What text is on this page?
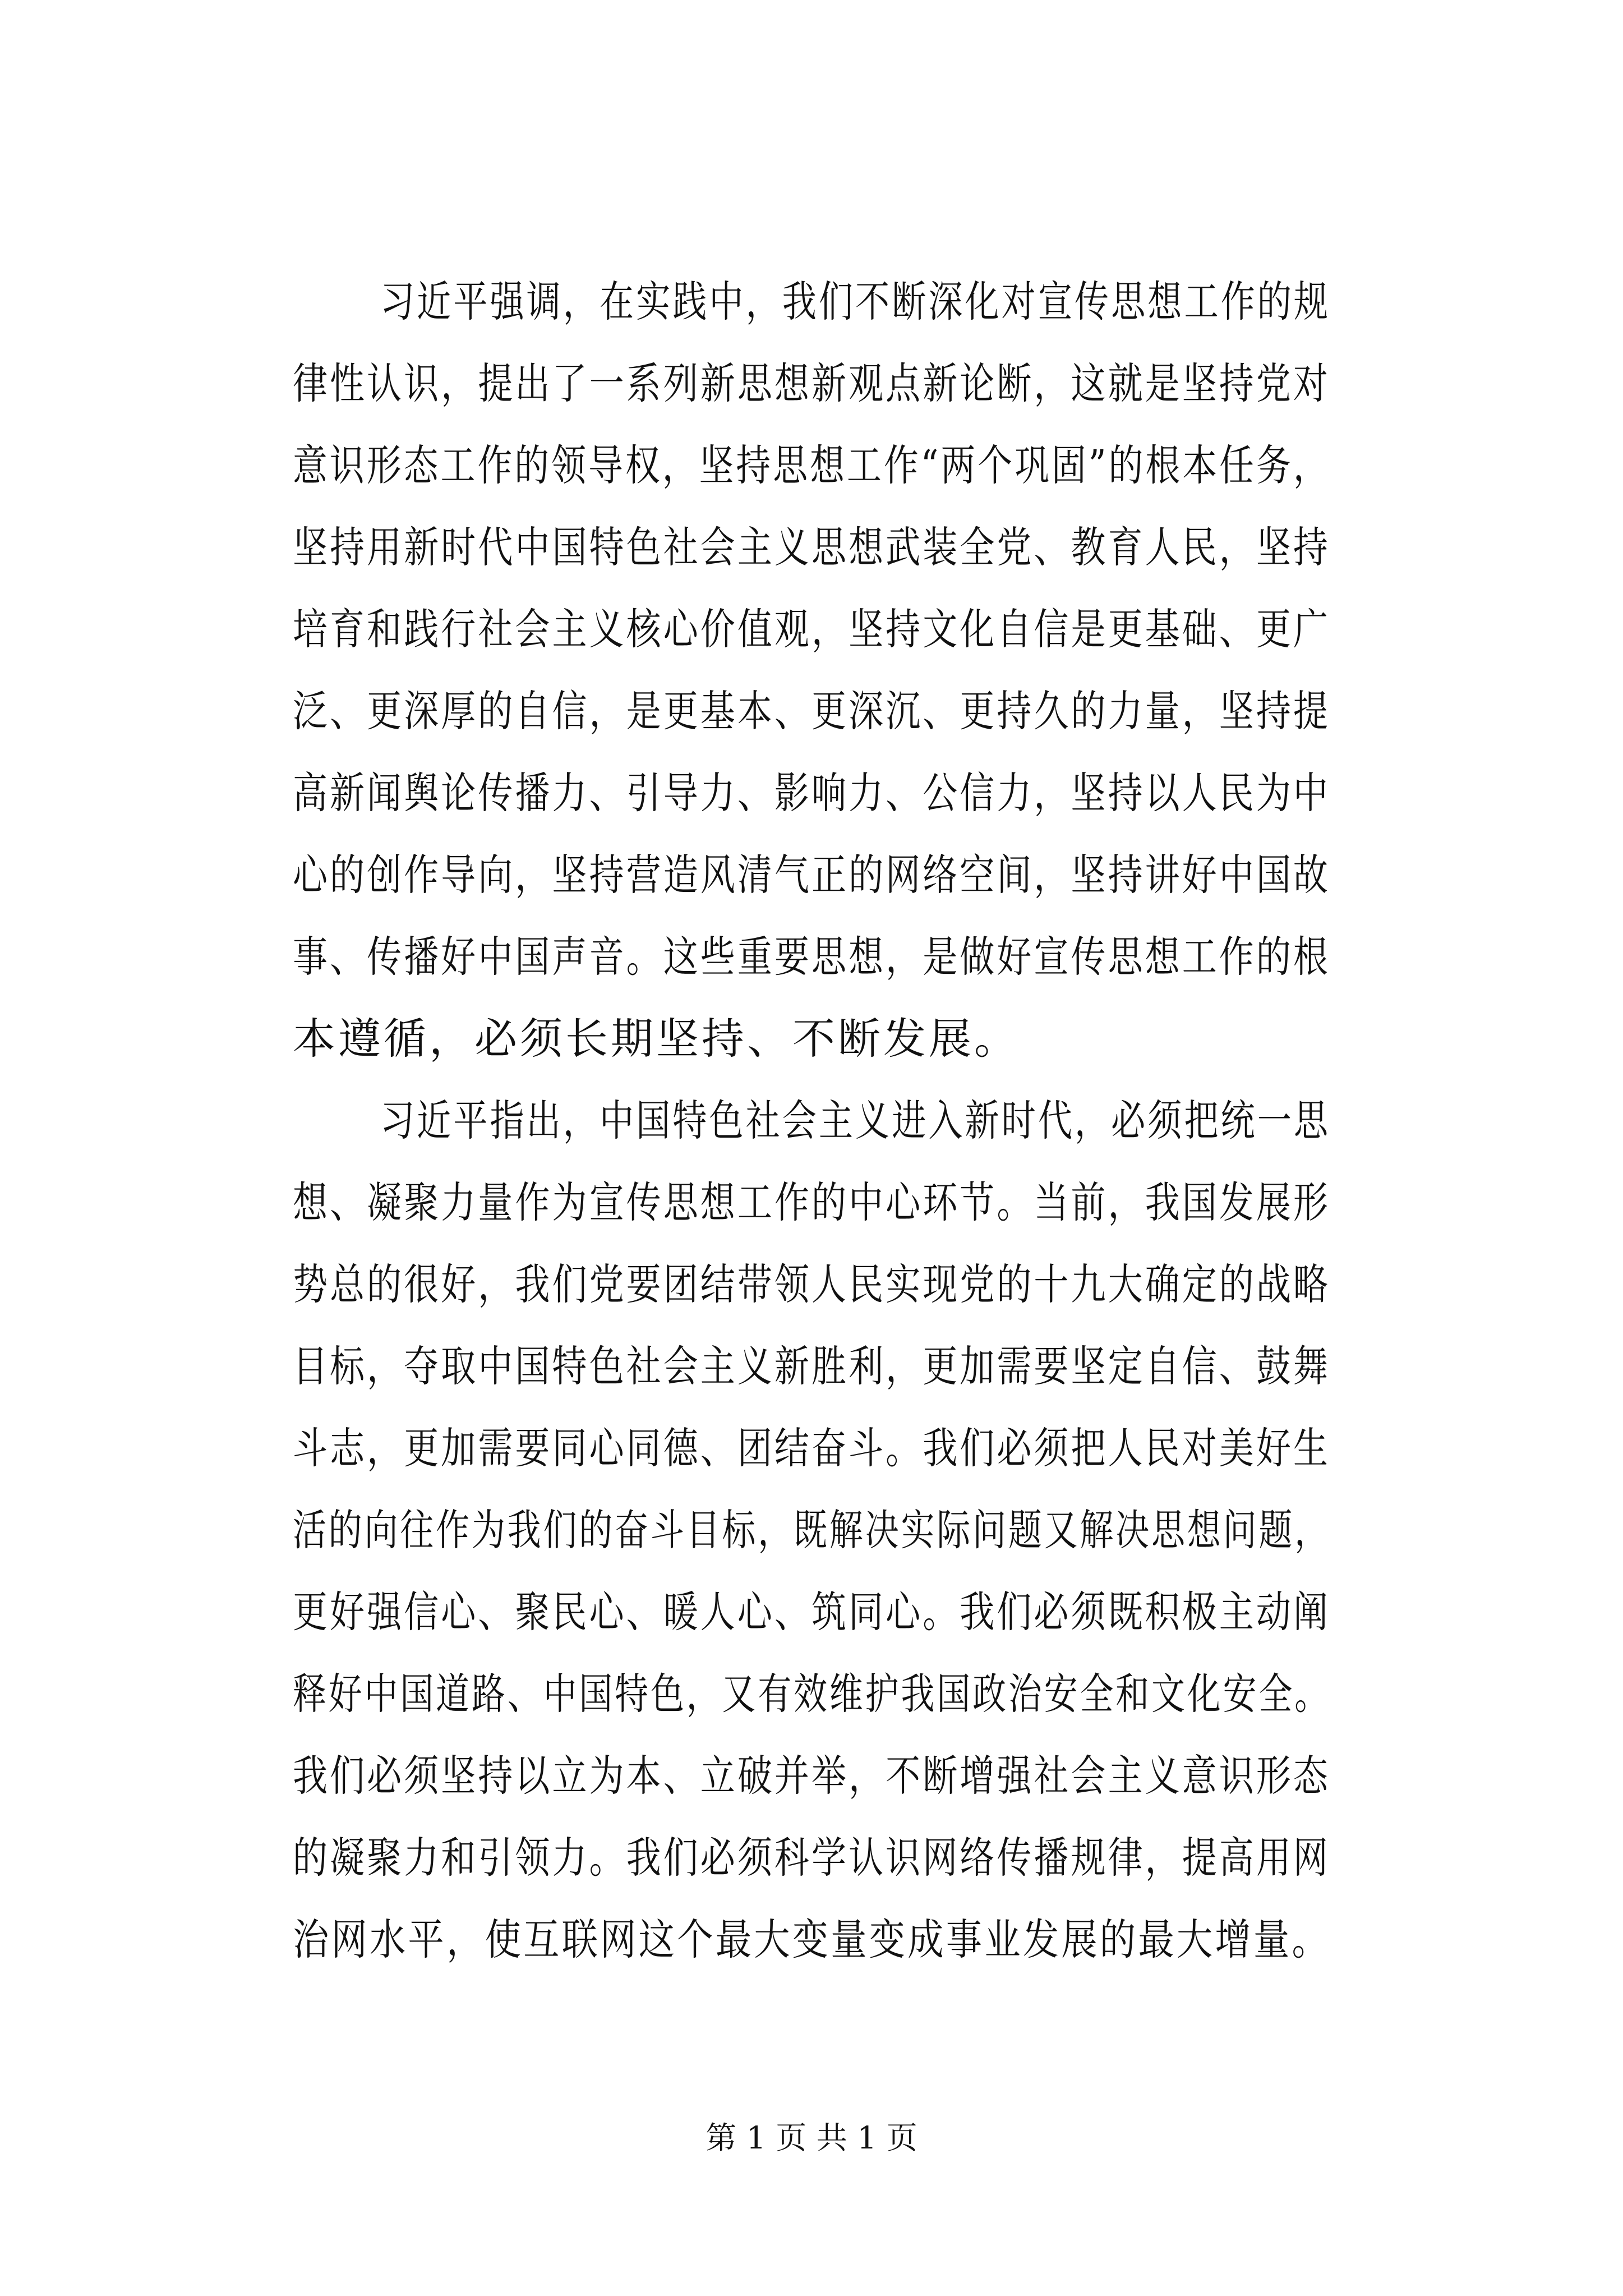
习近平强调，在实践中，我们不断深化对宣传思想工作的规
律性认识，提出了一系列新思想新观点新论断，这就是坚持党对
意识形态工作的领导权，坚持思想工作“两个巩固”的根本任务，
坚持用新时代中国特色社会主义思想武装全党、教育人民，坚持
培育和践行社会主义核心价值观，坚持文化自信是更基础、更广
泛、更深厚的自信，是更基本、更深沉、更持久的力量，坚持提
高新闻舆论传播力、引导力、影响力、公信力，坚持以人民为中
心的创作导向，坚持营造风清气正的网络空间，坚持讲好中国故
事、传播好中国声音。这些重要思想，是做好宣传思想工作的根
本遵循，必须长期坚持、不断发展。
习近平指出，中国特色社会主义进入新时代，必须把统一思
想、凝聚力量作为宣传思想工作的中心环节。当前，我国发展形
势总的很好，我们党要团结带领人民实现党的十九大确定的战略
目标，夺取中国特色社会主义新胜利，更加需要坚定自信、鼓舞
斗志，更加需要同心同德、团结奋斗。我们必须把人民对美好生
活的向往作为我们的奋斗目标，既解决实际问题又解决思想问题，
更好强信心、聚民心、暖人心、筑同心。我们必须既积极主动阐
释好中国道路、中国特色，又有效维护我国政治安全和文化安全。
我们必须坚持以立为本、立破并举，不断增强社会主义意识形态
的凝聚力和引领力。我们必须科学认识网络传播规律，提高用网
治网水平，使互联网这个最大变量变成事业发展的最大增量。
第 1 页 共 1 页
